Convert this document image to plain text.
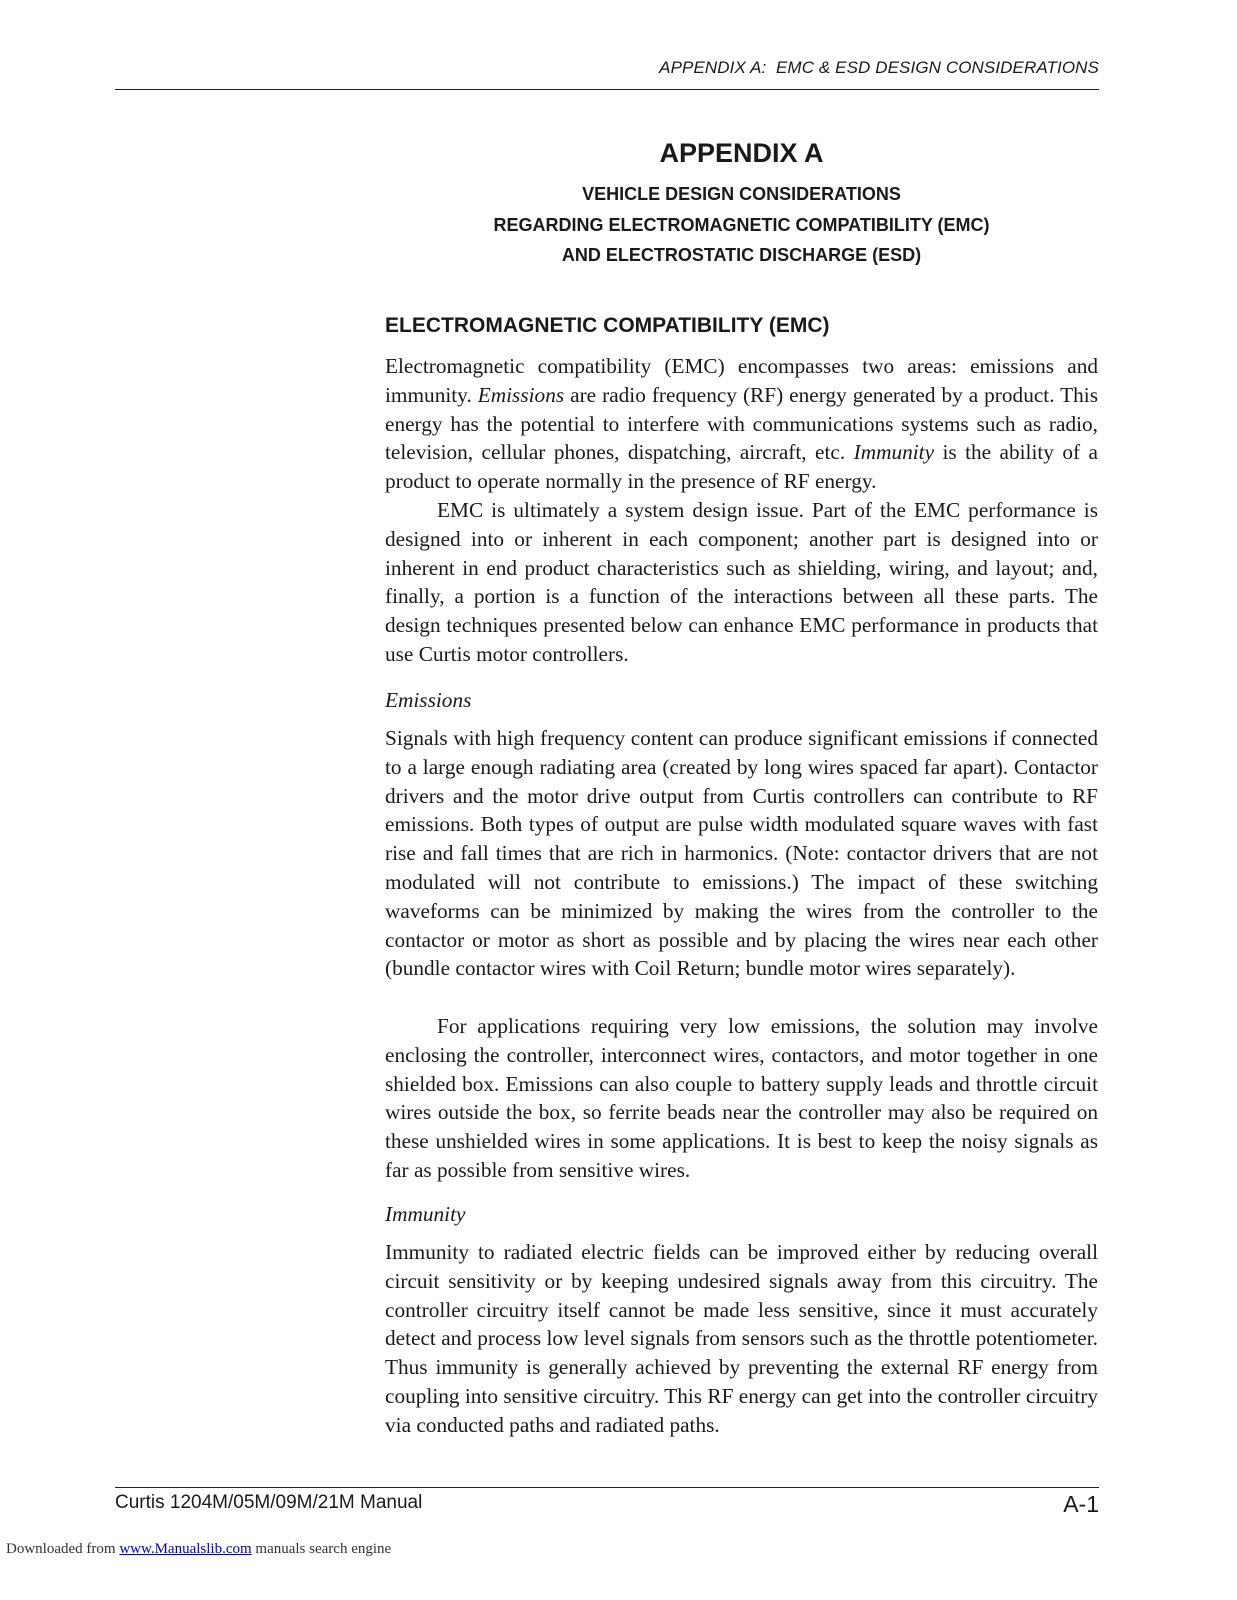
APPENDIX A:  EMC & ESD DESIGN CONSIDERATIONS
APPENDIX A
VEHICLE DESIGN CONSIDERATIONS
REGARDING ELECTROMAGNETIC COMPATIBILITY (EMC)
AND ELECTROSTATIC DISCHARGE (ESD)
ELECTROMAGNETIC COMPATIBILITY (EMC)

Electromagnetic compatibility (EMC) encompasses two areas: emissions and immunity. Emissions are radio frequency (RF) energy generated by a product. This energy has the potential to interfere with communications systems such as radio, television, cellular phones, dispatching, aircraft, etc. Immunity is the ability of a product to operate normally in the presence of RF energy.

EMC is ultimately a system design issue. Part of the EMC performance is designed into or inherent in each component; another part is designed into or inherent in end product characteristics such as shielding, wiring, and layout; and, finally, a portion is a function of the interactions between all these parts. The design techniques presented below can enhance EMC performance in products that use Curtis motor controllers.

Emissions

Signals with high frequency content can produce significant emissions if connected to a large enough radiating area (created by long wires spaced far apart). Contactor drivers and the motor drive output from Curtis controllers can contribute to RF emissions. Both types of output are pulse width modulated square waves with fast rise and fall times that are rich in harmonics. (Note: contactor drivers that are not modulated will not contribute to emissions.) The impact of these switching waveforms can be minimized by making the wires from the controller to the contactor or motor as short as possible and by placing the wires near each other (bundle contactor wires with Coil Return; bundle motor wires separately).

For applications requiring very low emissions, the solution may involve enclosing the controller, interconnect wires, contactors, and motor together in one shielded box. Emissions can also couple to battery supply leads and throttle circuit wires outside the box, so ferrite beads near the controller may also be required on these unshielded wires in some applications. It is best to keep the noisy signals as far as possible from sensitive wires.

Immunity

Immunity to radiated electric fields can be improved either by reducing overall circuit sensitivity or by keeping undesired signals away from this circuitry. The controller circuitry itself cannot be made less sensitive, since it must accurately detect and process low level signals from sensors such as the throttle potentiometer. Thus immunity is generally achieved by preventing the external RF energy from coupling into sensitive circuitry. This RF energy can get into the controller circuitry via conducted paths and radiated paths.

Curtis 1204M/05M/09M/21M Manual	A-1
Downloaded from www.Manualslib.com manuals search engine
